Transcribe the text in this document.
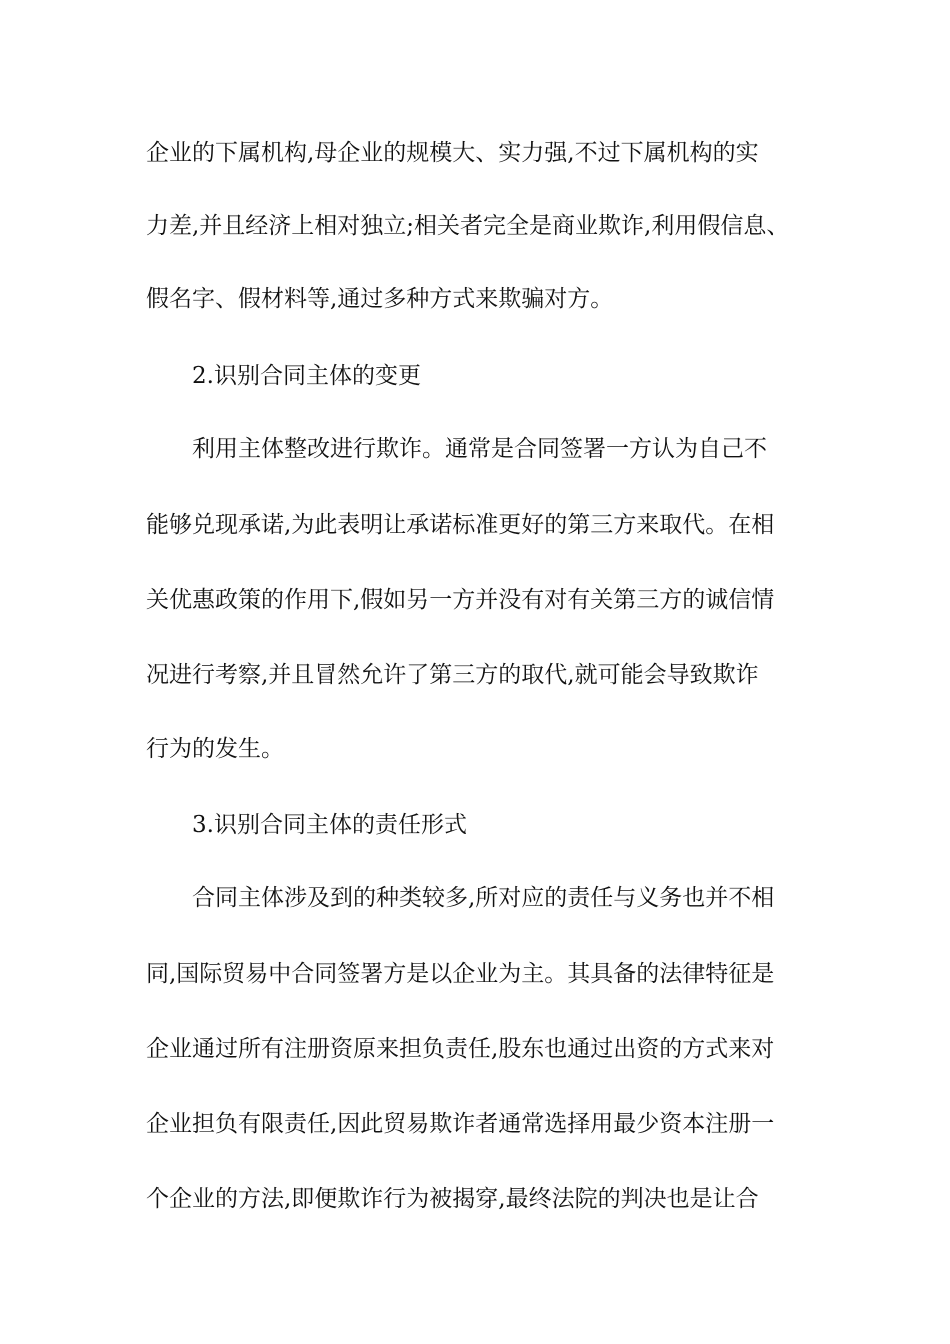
企业的下属机构,母企业的规模大、实力强,不过下属机构的实
力差,并且经济上相对独立;相关者完全是商业欺诈,利用假信息、
假名字、假材料等,通过多种方式来欺骗对方。
2.识别合同主体的变更
利用主体整改进行欺诈。通常是合同签署一方认为自己不
能够兑现承诺,为此表明让承诺标准更好的第三方来取代。在相
关优惠政策的作用下,假如另一方并没有对有关第三方的诚信情
况进行考察,并且冒然允许了第三方的取代,就可能会导致欺诈
行为的发生。
3.识别合同主体的责任形式
合同主体涉及到的种类较多,所对应的责任与义务也并不相
同,国际贸易中合同签署方是以企业为主。其具备的法律特征是
企业通过所有注册资原来担负责任,股东也通过出资的方式来对
企业担负有限责任,因此贸易欺诈者通常选择用最少资本注册一
个企业的方法,即便欺诈行为被揭穿,最终法院的判决也是让合
